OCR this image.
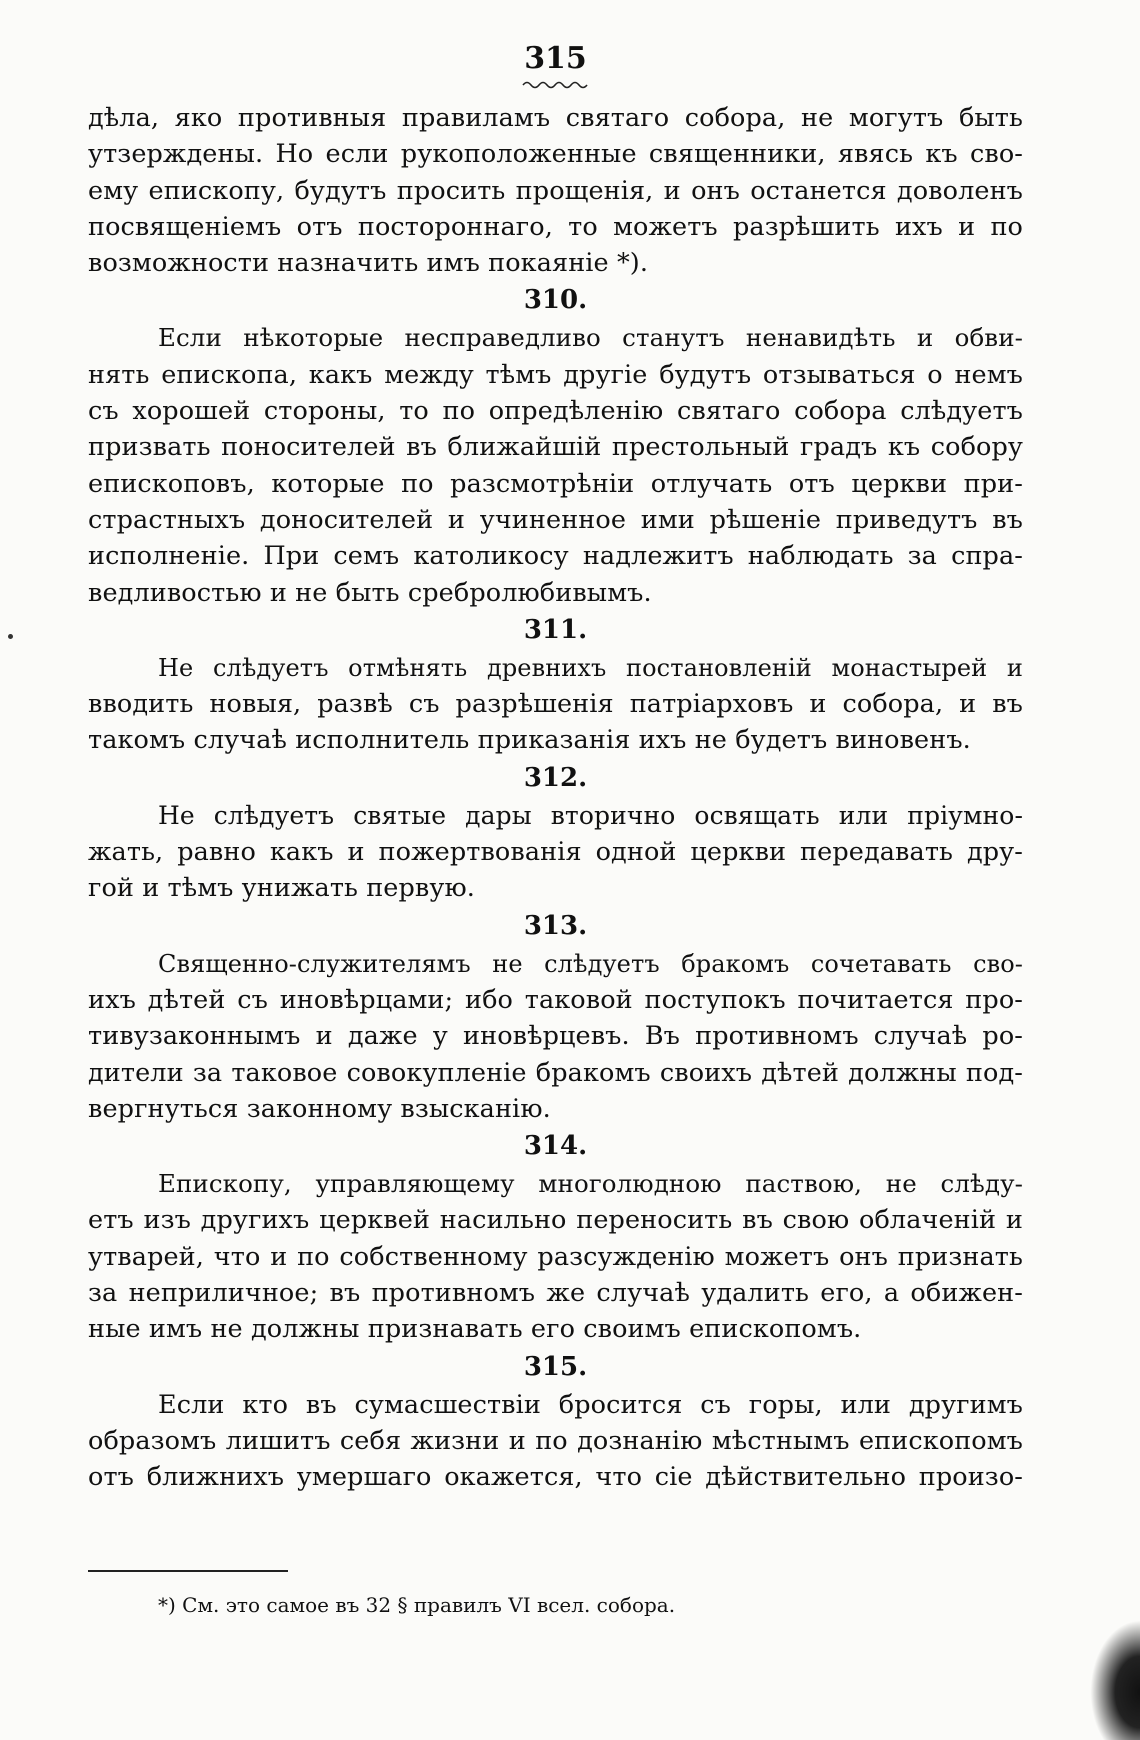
315
дѣла, яко противныя правиламъ святаго собора, не могутъ быть
утзерждены. Но если рукоположенные священники, явясь къ сво-
ему епископу, будутъ просить прощенія, и онъ останется доволенъ
посвященіемъ отъ постороннаго, то можетъ разрѣшить ихъ и по
возможности назначить имъ покаяніе *).
310.
Если нѣкоторые несправедливо станутъ ненавидѣть и обви-
нять епископа, какъ между тѣмъ другіе будутъ отзываться о немъ
съ хорошей стороны, то по опредѣленію святаго собора слѣдуетъ
призвать поносителей въ ближайшій престольный градъ къ собору
епископовъ, которые по разсмотрѣніи отлучать отъ церкви при-
страстныхъ доносителей и учиненное ими рѣшеніе приведутъ въ
исполненіе. При семъ католикосу надлежитъ наблюдать за спра-
ведливостью и не быть сребролюбивымъ.
311.
Не слѣдуетъ отмѣнять древнихъ постановленій монастырей и
вводить новыя, развѣ съ разрѣшенія патріарховъ и собора, и въ
такомъ случаѣ исполнитель приказанія ихъ не будетъ виновенъ.
312.
Не слѣдуетъ святые дары вторично освящать или пріумно-
жать, равно какъ и пожертвованія одной церкви передавать дру-
гой и тѣмъ унижать первую.
313.
Священно-служителямъ не слѣдуетъ бракомъ сочетавать сво-
ихъ дѣтей съ иновѣрцами; ибо таковой поступокъ почитается про-
тивузаконнымъ и даже у иновѣрцевъ. Въ противномъ случаѣ ро-
дители за таковое совокупленіе бракомъ своихъ дѣтей должны под-
вергнуться законному взысканію.
314.
Епископу, управляющему многолюдною паствою, не слѣду-
етъ изъ другихъ церквей насильно переносить въ свою облаченій и
утварей, что и по собственному разсужденію можетъ онъ признать
за неприличное; въ противномъ же случаѣ удалить его, а обижен-
ные имъ не должны признавать его своимъ епископомъ.
315.
Если кто въ сумасшествіи бросится съ горы, или другимъ
образомъ лишитъ себя жизни и по дознанію мѣстнымъ епископомъ
отъ ближнихъ умершаго окажется, что сіе дѣйствительно произо-
*) См. это самое въ 32 § правилъ VI всел. собора.
